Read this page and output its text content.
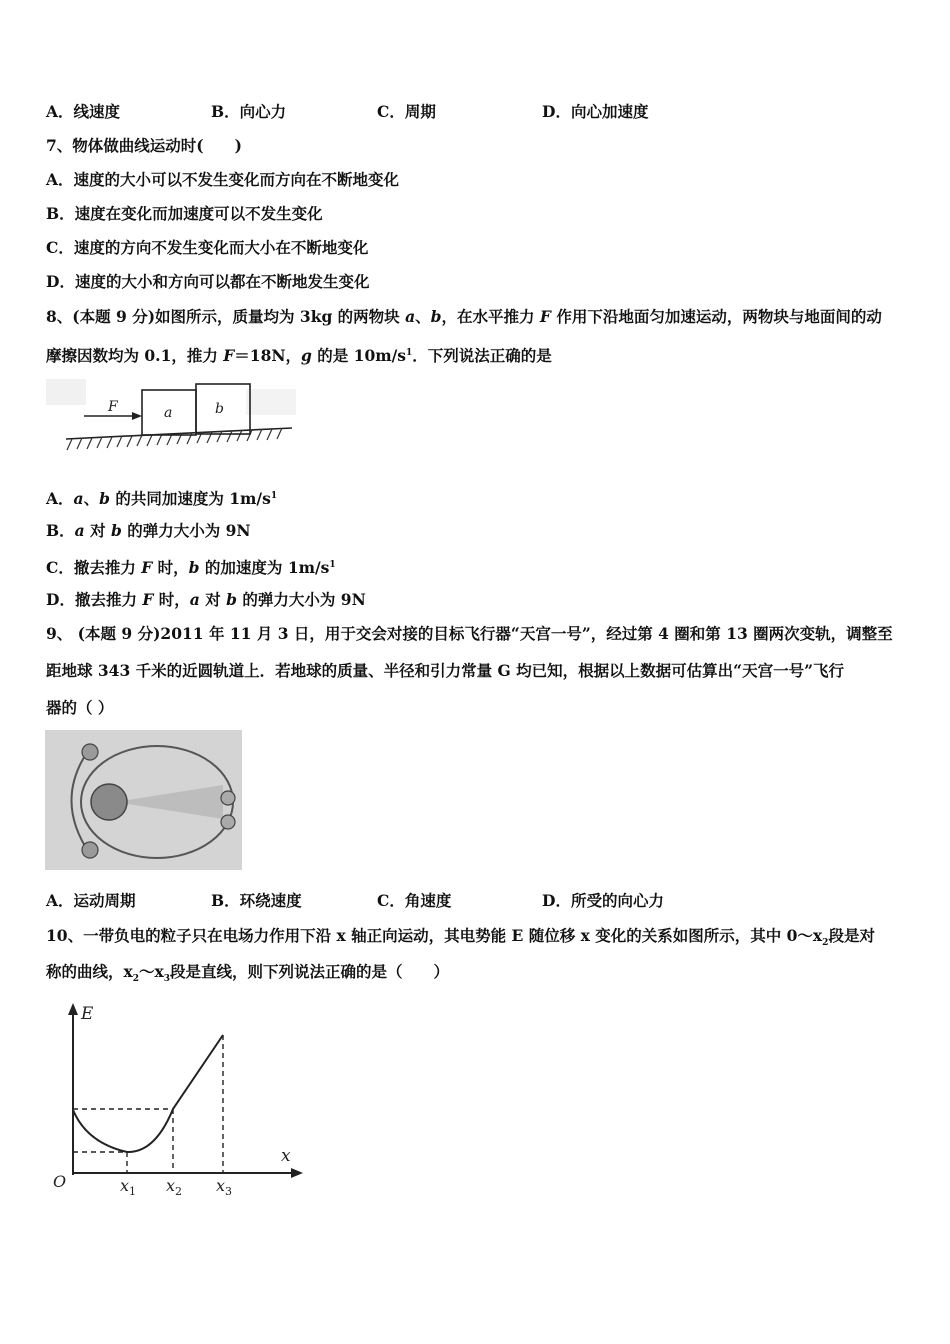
A．线速度	B．向心力	C．周期	D．向心加速度
7、物体做曲线运动时(　　)
A．速度的大小可以不发生变化而方向在不断地变化
B．速度在变化而加速度可以不发生变化
C．速度的方向不发生变化而大小在不断地变化
D．速度的大小和方向可以都在不断地发生变化
8、(本题 9 分)如图所示，质量均为 3kg 的两物块 a、b，在水平推力 F 作用下沿地面匀加速运动，两物块与地面间的动
摩擦因数均为 0.1，推力 F＝18N，g 的是 $10m/s^1$．下列说法正确的是
F	a	b
A．a、b 的共同加速度为 $1m/s^1$
B．a 对 b 的弹力大小为 9N
C．撤去推力 F 时，b 的加速度为 $1m/s^1$
D．撤去推力 F 时，a 对 b 的弹力大小为 9N
9、 (本题 9 分)2011 年 11 月 3 日，用于交会对接的目标飞行器“天宫一号”，经过第 4 圈和第 13 圈两次变轨，调整至
距地球 343 千米的近圆轨道上．若地球的质量、半径和引力常量 G 均已知，根据以上数据可估算出“天宫一号”飞行
器的（ ）
A．运动周期	B．环绕速度	C．角速度	D．所受的向心力
10、一带负电的粒子只在电场力作用下沿 x 轴正向运动，其电势能 E 随位移 x 变化的关系如图所示，其中 $0\sim x_2$段是对
称的曲线，$x_2\sim x_3$段是直线，则下列说法正确的是（　　）
E
x
O	$x_1$ $x_2$ $x_3$
